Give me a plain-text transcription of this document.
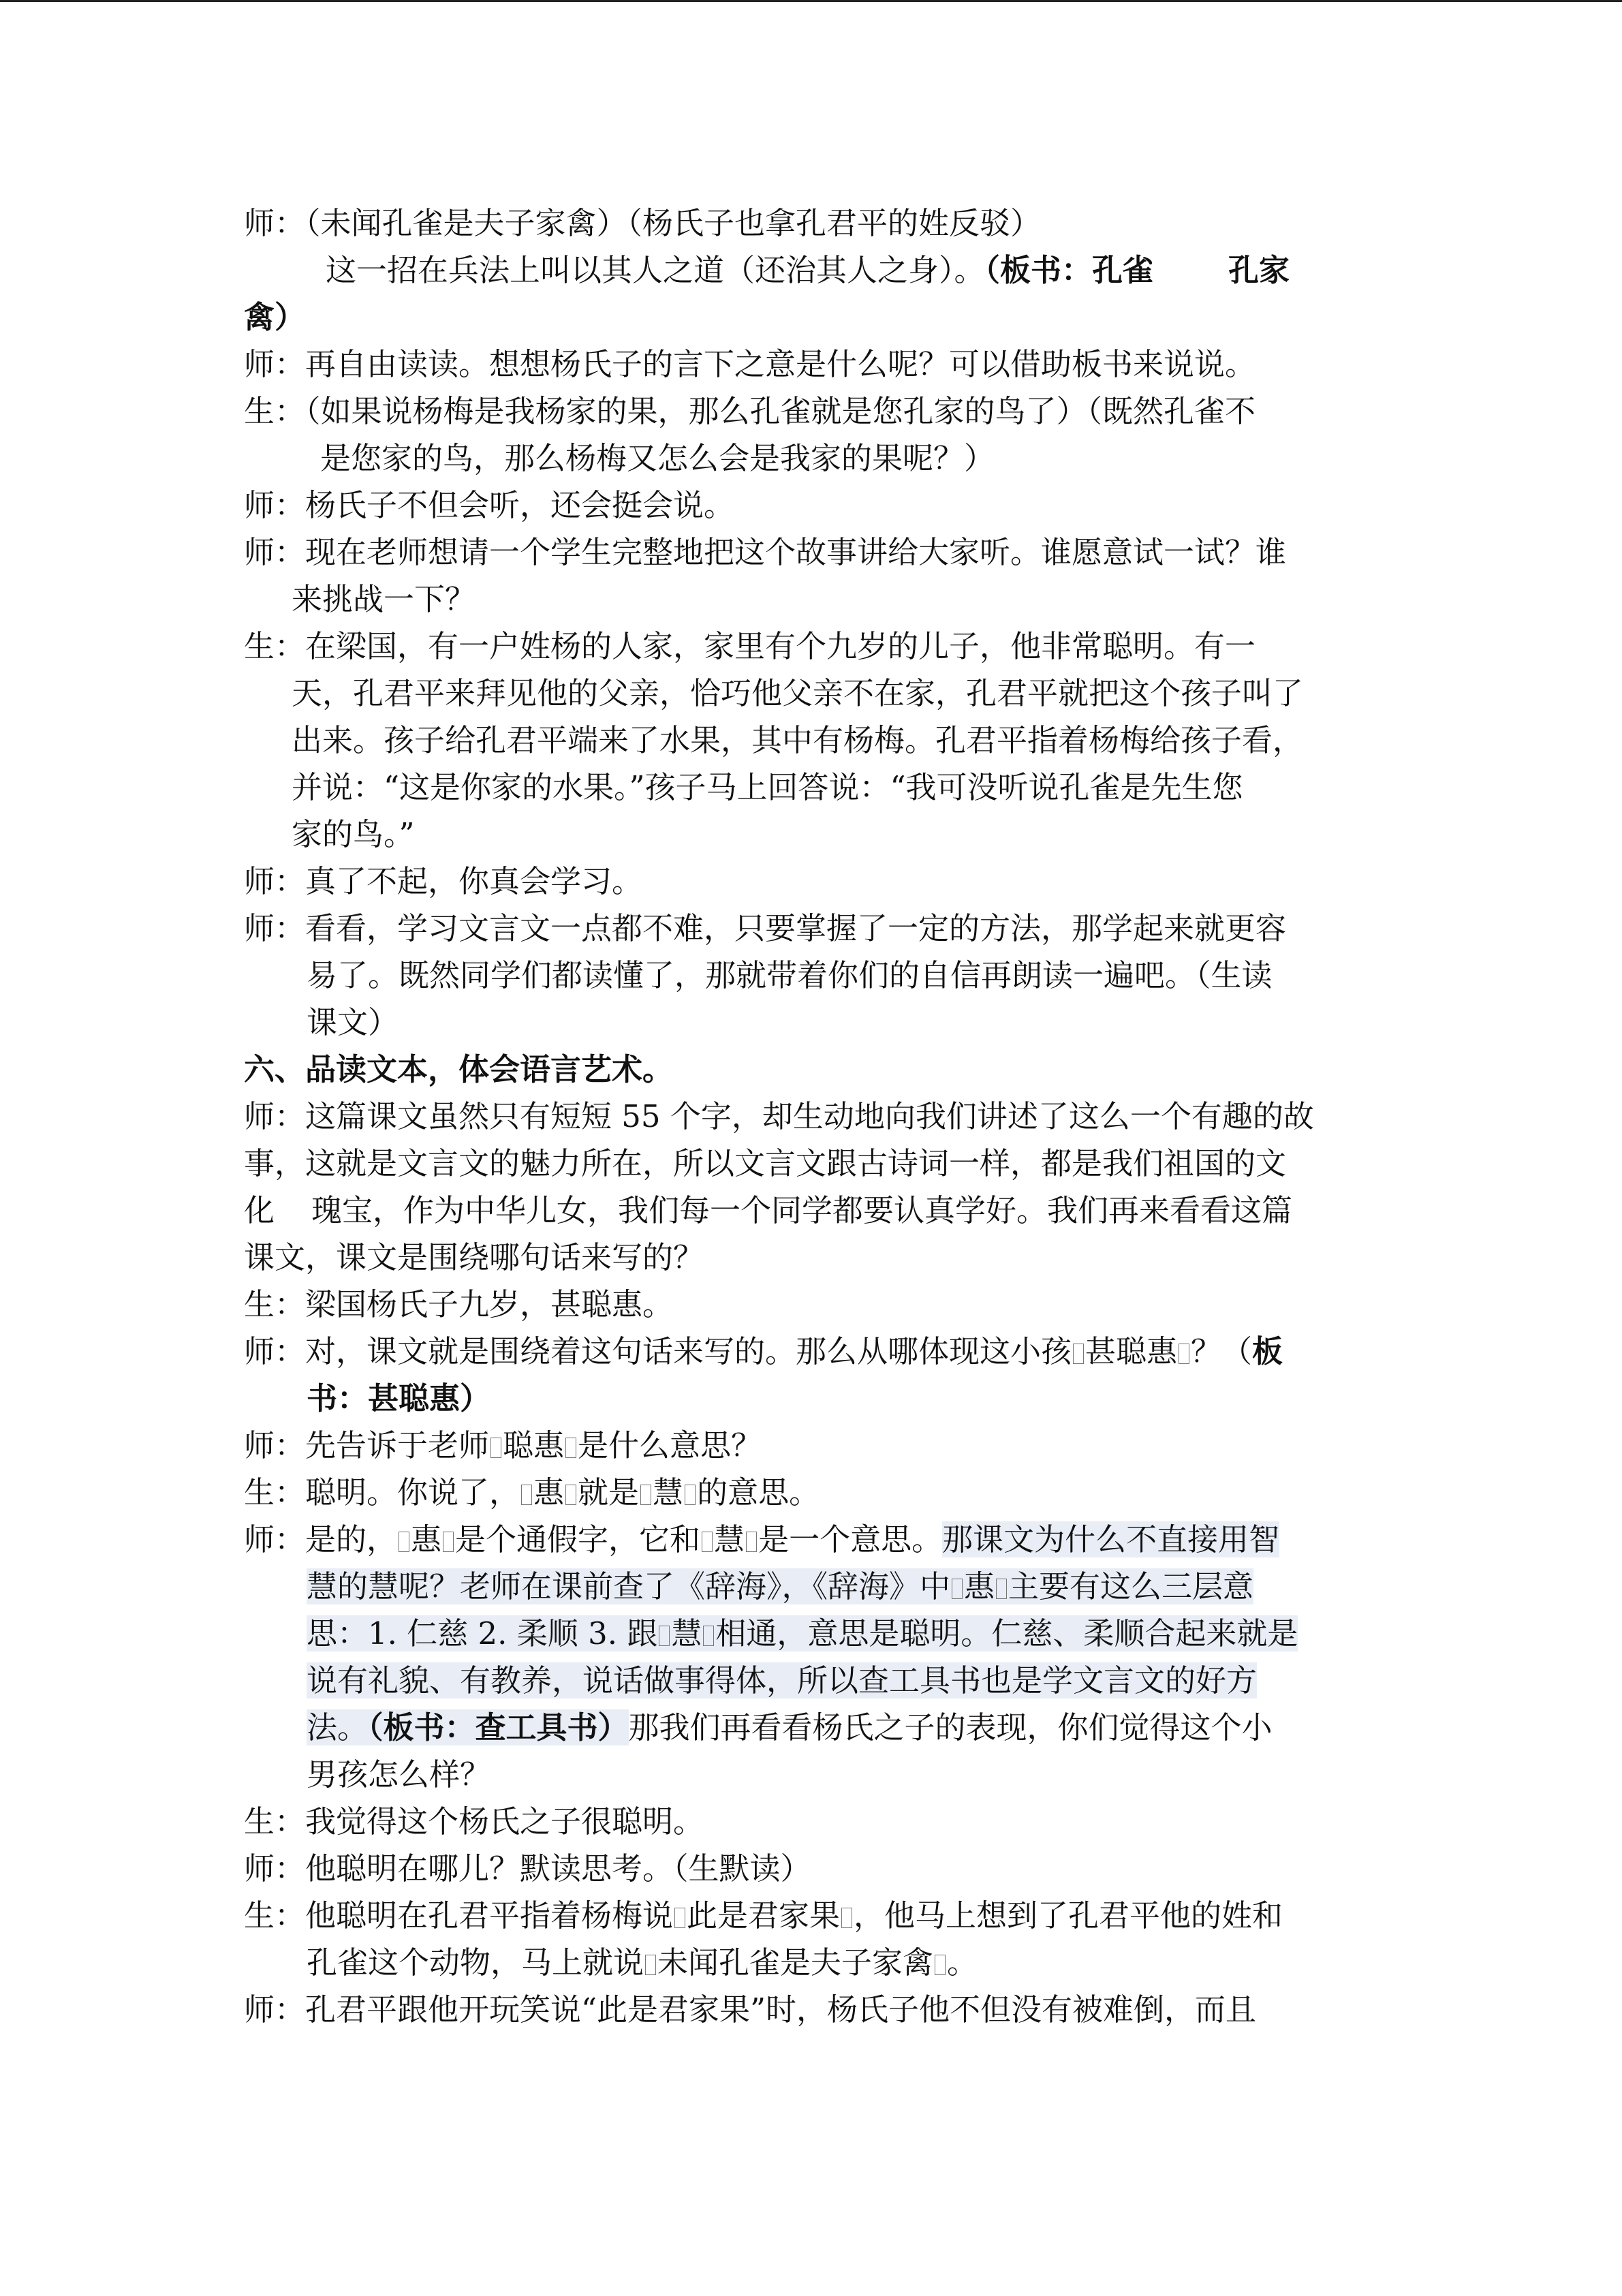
师：（未闻孔雀是夫子家禽）（杨氏子也拿孔君平的姓反驳）
这一招在兵法上叫以其人之道（还治其人之身）。（板书：孔雀 孔家
禽）
师：再自由读读。想想杨氏子的言下之意是什么呢？可以借助板书来说说。
生：（如果说杨梅是我杨家的果，那么孔雀就是您孔家的鸟了）（既然孔雀不
是您家的鸟，那么杨梅又怎么会是我家的果呢？）
师：杨氏子不但会听，还会挺会说。
师：现在老师想请一个学生完整地把这个故事讲给大家听。谁愿意试一试？谁
来挑战一下？
生：在梁国，有一户姓杨的人家，家里有个九岁的儿子，他非常聪明。有一
天，孔君平来拜见他的父亲，恰巧他父亲不在家，孔君平就把这个孩子叫了
出来。孩子给孔君平端来了水果，其中有杨梅。孔君平指着杨梅给孩子看，
并说：“这是你家的水果。”孩子马上回答说：“我可没听说孔雀是先生您
家的鸟。”
师：真了不起，你真会学习。
师：看看，学习文言文一点都不难，只要掌握了一定的方法，那学起来就更容
易了。既然同学们都读懂了，那就带着你们的自信再朗读一遍吧。（生读
课文）
六、品读文本，体会语言艺术。
师：这篇课文虽然只有短短 55 个字，却生动地向我们讲述了这么一个有趣的故
事，这就是文言文的魅力所在，所以文言文跟古诗词一样，都是我们祖国的文
化 瑰宝，作为中华儿女，我们每一个同学都要认真学好。我们再来看看这篇
课文，课文是围绕哪句话来写的？
生：梁国杨氏子九岁，甚聪惠。
师：对，课文就是围绕着这句话来写的。那么从哪体现这小孩 甚聪惠 ？（板
书：甚聪惠）
师：先告诉于老师 聪惠 是什么意思？
生：聪明。你说了， 惠 就是 慧 的意思。
师：是的， 惠 是个通假字，它和 慧 是一个意思。那课文为什么不直接用智
慧的慧呢？老师在课前查了《辞海》，《辞海》中 惠 主要有这么三层意
思：1. 仁慈 2. 柔顺 3. 跟 慧 相通，意思是聪明。仁慈、柔顺合起来就是
说有礼貌、有教养，说话做事得体，所以查工具书也是学文言文的好方
法。（板书：查工具书）那我们再看看杨氏之子的表现，你们觉得这个小
男孩怎么样？
生：我觉得这个杨氏之子很聪明。
师：他聪明在哪儿？默读思考。（生默读）
生：他聪明在孔君平指着杨梅说 此是君家果 ，他马上想到了孔君平他的姓和
孔雀这个动物，马上就说 未闻孔雀是夫子家禽 。
师：孔君平跟他开玩笑说“此是君家果”时，杨氏子他不但没有被难倒，而且
